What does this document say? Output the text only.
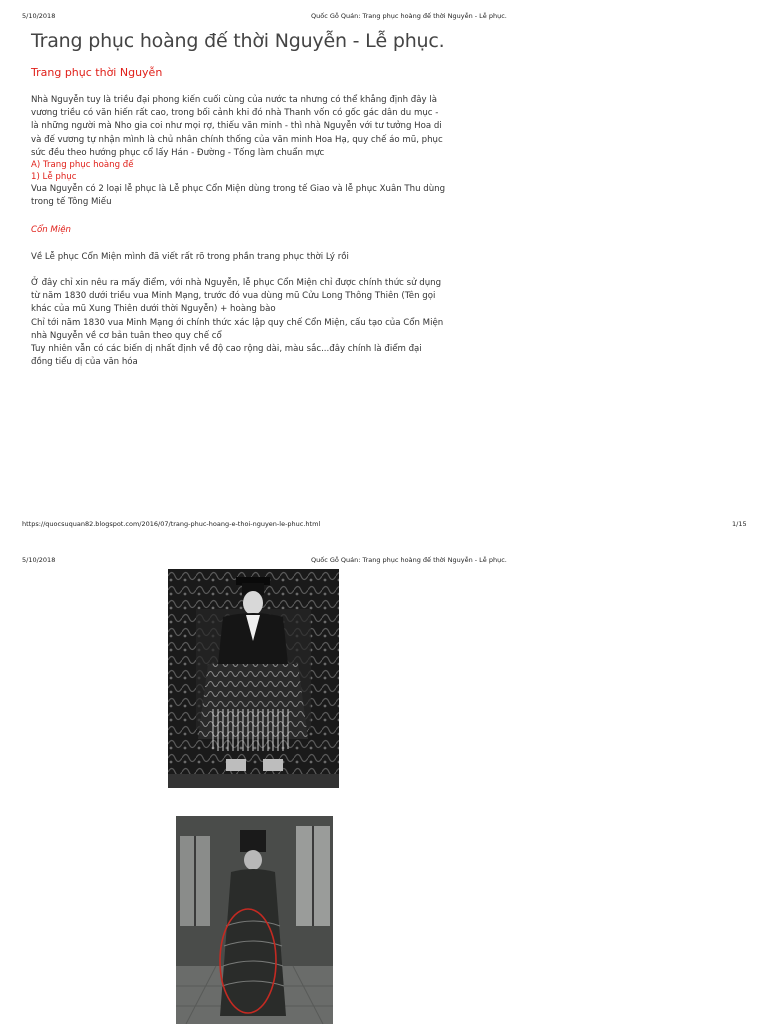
5/10/2018	Quốc Gỗ Quán: Trang phục hoàng đế thời Nguyễn - Lễ phục.
Trang phục hoàng đế thời Nguyễn - Lễ phục.
Trang phục thời Nguyễn
Nhà Nguyễn tuy là triều đại phong kiến cuối cùng của nước ta nhưng có thể khẳng định đây là
vương triều có văn hiến rất cao, trong bối cảnh khi đó nhà Thanh vốn có gốc gác dân du mục -
là những người mà Nho gia coi như mọi rợ, thiếu văn minh - thì nhà Nguyễn với tư tưởng Hoa di
và đế vương tự nhận mình là chủ nhân chính thống của văn minh Hoa Hạ, quy chế áo mũ, phục
sức đều theo hướng phục cổ lấy Hán - Đường - Tống làm chuẩn mực
A) Trang phục hoàng đế
1) Lễ phục
Vua Nguyễn có 2 loại lễ phục là Lễ phục Cổn Miện dùng trong tế Giao và lễ phục Xuân Thu dùng
trong tế Tông Miếu
Cổn Miện
Về Lễ phục Cổn Miện mình đã viết rất rõ trong phần trang phục thời Lý rồi
Ở đây chỉ xin nêu ra mấy điểm, với nhà Nguyễn, lễ phục Cổn Miện chỉ được chính thức sử dụng
từ năm 1830 dưới triều vua Minh Mạng, trước đó vua dùng mũ Cửu Long Thông Thiên (Tên gọi
khác của mũ Xung Thiên dưới thời Nguyễn) + hoàng bào
Chỉ tới năm 1830 vua Minh Mạng ới chính thức xác lập quy chế Cổn Miện, cấu tạo của Cổn Miện
nhà Nguyễn về cơ bản tuân theo quy chế cổ
Tuy nhiên vẫn có các biến dị nhất định về độ cao rộng dài, màu sắc...đây chính là điểm đại
đồng tiểu dị của văn hóa
https://quocsuquan82.blogspot.com/2016/07/trang-phuc-hoang-e-thoi-nguyen-le-phuc.html	1/15
5/10/2018	Quốc Gỗ Quán: Trang phục hoàng đế thời Nguyễn - Lễ phục.
